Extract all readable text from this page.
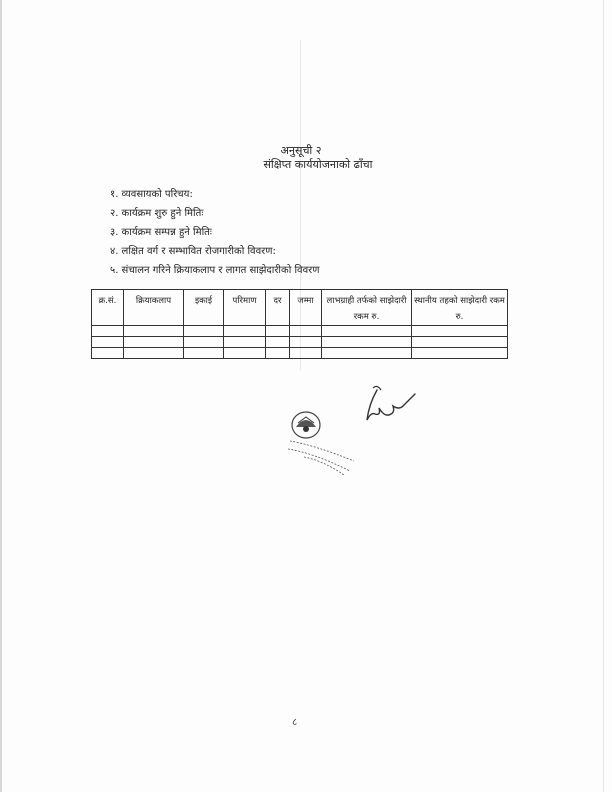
अनुसूची २
संक्षिप्त कार्ययोजनाको ढाँचा
१. व्यवसायको परिचय:
२. कार्यक्रम शुरु हुने मितिः
३. कार्यक्रम सम्पन्न हुने मितिः
४. लक्षित वर्ग र सम्भावित रोजगारीको विवरण:
५. संचालन गरिने क्रियाकलाप र लागत साझेदारीको विवरण
क्र.सं.	क्रियाकलाप	इकाई	परिमाण	दर	जम्मा	लाभग्राही तर्फको साझेदारी रकम रु.	स्थानीय तहको साझेदारी रकम रु.

८
